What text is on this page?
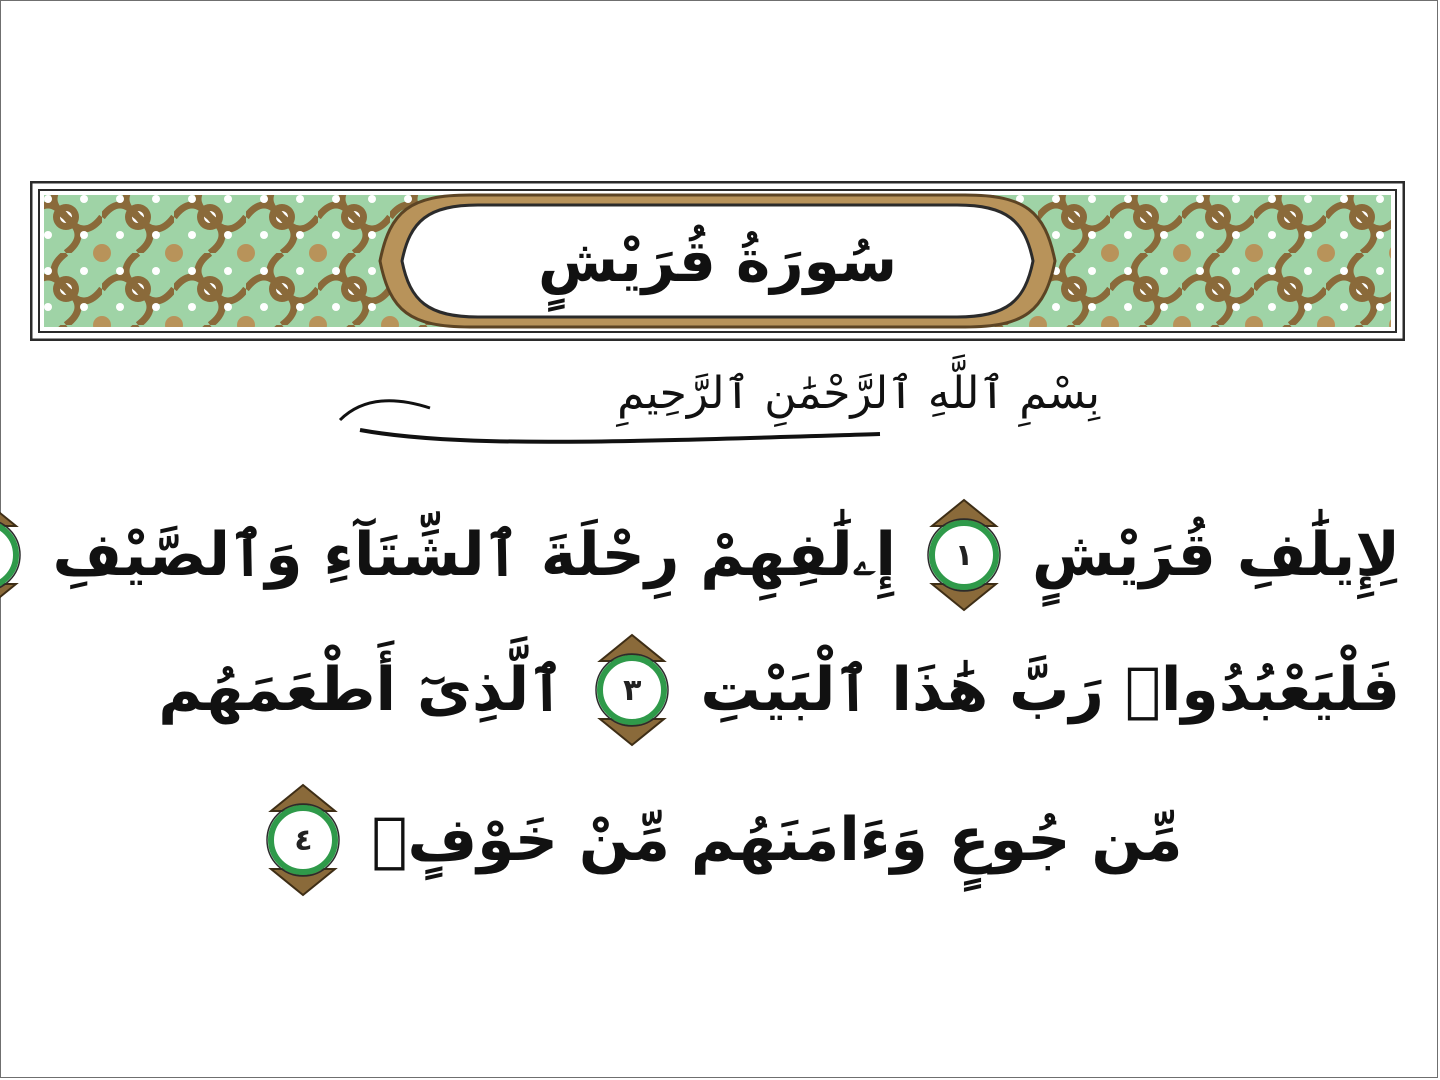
سُورَةُ قُرَيْشٍ
بِسْمِ ٱللَّهِ ٱلرَّحْمَٰنِ ٱلرَّحِيمِ
لِإِيلَٰفِ قُرَيْشٍ
١
إِۦلَٰفِهِمْ رِحْلَةَ ٱلشِّتَآءِ وَٱلصَّيْفِ
فَلْيَعْبُدُوا۟ رَبَّ هَٰذَا ٱلْبَيْتِ
٣
ٱلَّذِىٓ أَطْعَمَهُم
مِّن جُوعٍ وَءَامَنَهُم مِّنْ خَوْفٍۭ
٤
